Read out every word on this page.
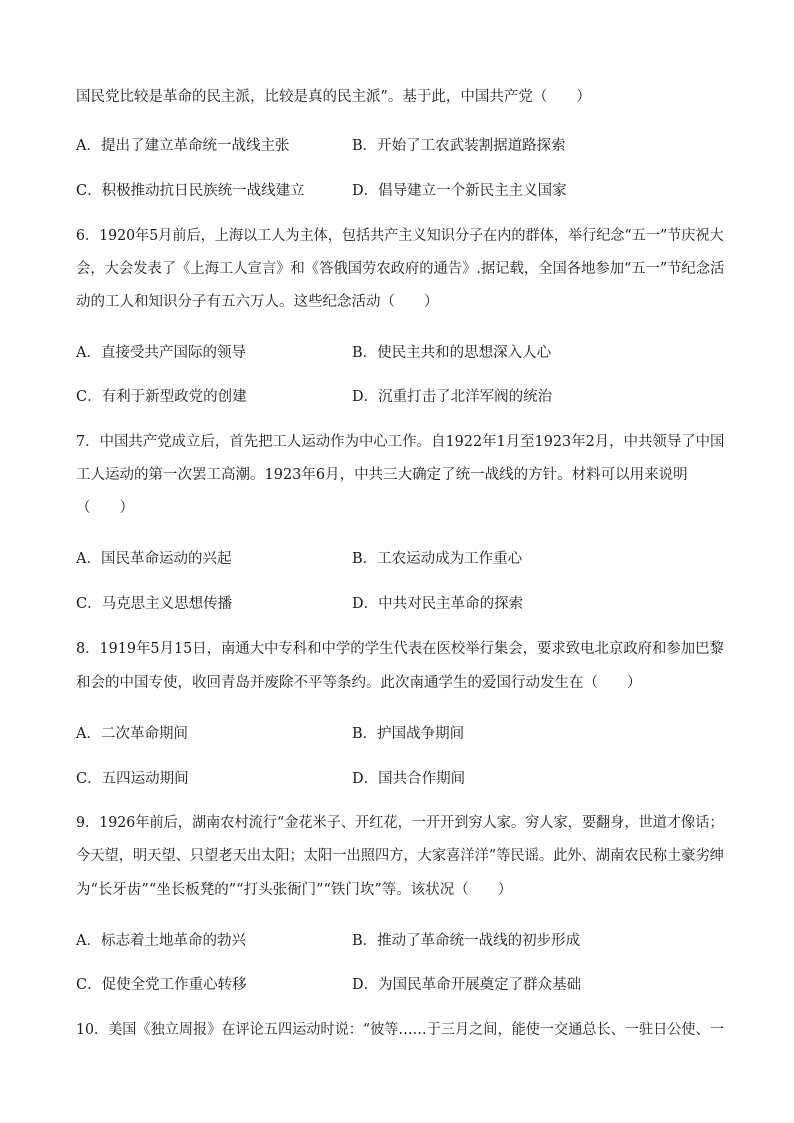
国民党比较是革命的民主派，比较是真的民主派”。基于此，中国共产党（　　）
A．提出了建立革命统一战线主张	B．开始了工农武装割据道路探索
C．积极推动抗日民族统一战线建立	D．倡导建立一个新民主主义国家
6．1920年5月前后，上海以工人为主体，包括共产主义知识分子在内的群体，举行纪念“五一”节庆祝大
会，大会发表了《上海工人宣言》和《答俄国劳农政府的通告》.据记载，全国各地参加“五一”节纪念活
动的工人和知识分子有五六万人。这些纪念活动（　　）
A．直接受共产国际的领导	B．使民主共和的思想深入人心
C．有利于新型政党的创建	D．沉重打击了北洋军阀的统治
7．中国共产党成立后，首先把工人运动作为中心工作。自1922年1月至1923年2月，中共领导了中国
工人运动的第一次罢工高潮。1923年6月，中共三大确定了统一战线的方针。材料可以用来说明
（　　）
A．国民革命运动的兴起	B．工农运动成为工作重心
C．马克思主义思想传播	D．中共对民主革命的探索
8．1919年5月15日，南通大中专科和中学的学生代表在医校举行集会，要求致电北京政府和参加巴黎
和会的中国专使，收回青岛并废除不平等条约。此次南通学生的爱国行动发生在（　　）
A．二次革命期间	B．护国战争期间
C．五四运动期间	D．国共合作期间
9．1926年前后，湖南农村流行“金花米子、开红花，一开开到穷人家。穷人家，要翻身，世道才像话；
今天望，明天望、只望老天出太阳；太阳一出照四方，大家喜洋洋”等民谣。此外、湖南农民称土豪劣绅
为“长牙齿”“坐长板凳的”“打头张衙门”“铁门坎”等。该状况（　　）
A．标志着土地革命的勃兴	B．推动了革命统一战线的初步形成
C．促使全党工作重心转移	D．为国民革命开展奠定了群众基础
10．美国《独立周报》在评论五四运动时说：“彼等……于三月之间，能使一交通总长、一驻日公使、一
